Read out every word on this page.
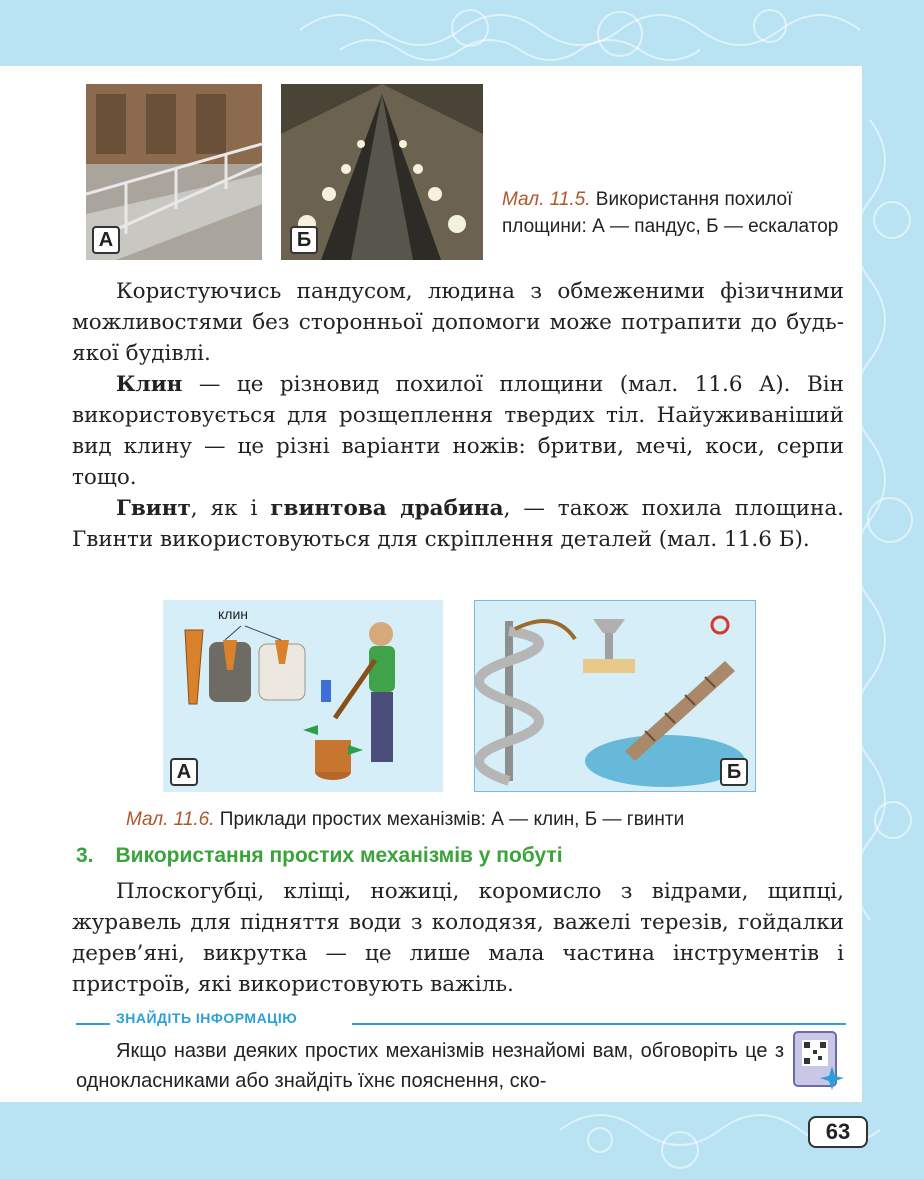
А	Б
Мал. 11.5. Використання похилої площини: А — пандус, Б — ескалатор

Користуючись пандусом, людина з обмеженими фізичними можливостями без сторонньої допомоги може потрапити до будь-якої будівлі.

Клин — це різновид похилої площини (мал. 11.6 А). Він використовується для розщеплення твердих тіл. Найуживаніший вид клину — це різні варіанти ножів: бритви, мечі, коси, серпи тощо.

Гвинт, як і гвинтова драбина, — також похила площина. Гвинти використовуються для скріплення деталей (мал. 11.6 Б).

клин
А	Б
Мал. 11.6. Приклади простих механізмів: А — клин, Б — гвинти
3. Використання простих механізмів у побуті

Плоскогубці, кліщі, ножиці, коромисло з відрами, щипці, журавель для підняття води з колодязя, важелі терезів, гойдалки дерев’яні, викрутка — це лише мала частина інструментів і пристроїв, які використовують важіль.

ЗНАЙДІТЬ ІНФОРМАЦІЮ

Якщо назви деяких простих механізмів незнайомі вам, обговоріть це з однокласниками або знайдіть їхнє пояснення, ско-

63
